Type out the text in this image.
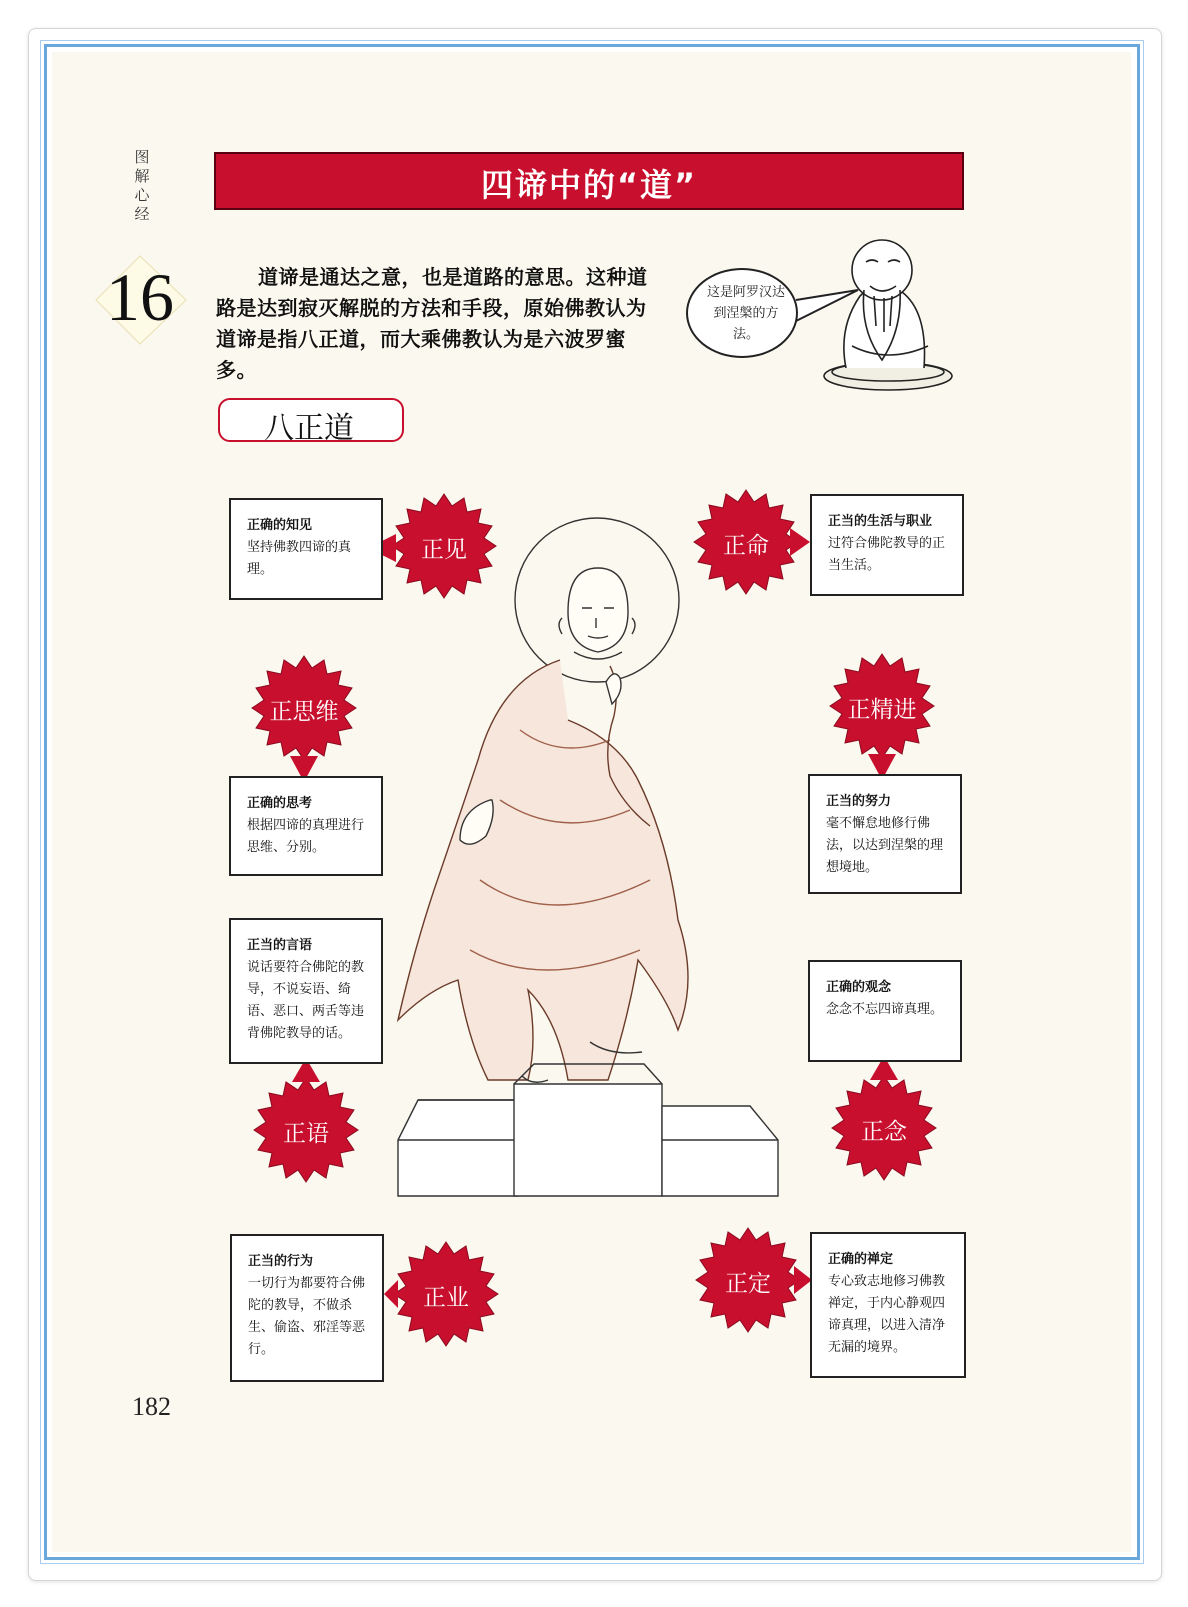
图解心经
16
四谛中的“道”
道谛是通达之意，也是道路的意思。这种道路是达到寂灭解脱的方法和手段，原始佛教认为道谛是指八正道，而大乘佛教认为是六波罗蜜多。
这是阿罗汉达到涅槃的方法。
八正道
正确的知见
坚持佛教四谛的真理。
正当的生活与职业
过符合佛陀教导的正当生活。
正确的思考
根据四谛的真理进行思维、分别。
正当的努力
毫不懈怠地修行佛法，以达到涅槃的理想境地。
正当的言语
说话要符合佛陀的教导，不说妄语、绮语、恶口、两舌等违背佛陀教导的话。
正确的观念
念念不忘四谛真理。
正当的行为
一切行为都要符合佛陀的教导，不做杀生、偷盗、邪淫等恶行。
正确的禅定
专心致志地修习佛教禅定，于内心静观四谛真理，以进入清净无漏的境界。
正见	正命
正思维	正精进
正语	正念
正业
正定
182
